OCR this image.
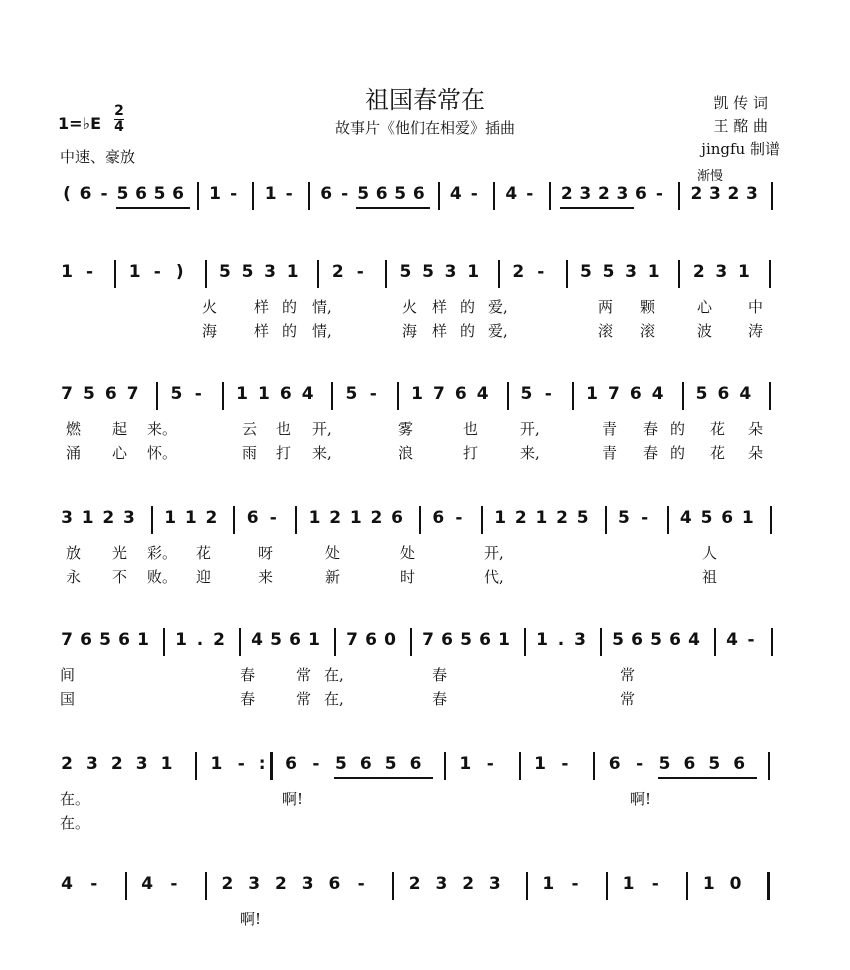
祖国春常在
故事片《他们在相爱》插曲
凯 传 词
王 酩 曲
jingfu 制谱
1=♭E
2
4
中速、豪放
渐慢
( 6 - 5 6 5 6 1 -	1 -	6 - 5 6 5 6 4 -	4 -	2 3 2 3 6 -	2 3 2 3
1 -	1 - )	5 5 3 1 2 -	5 5 3 1 2 -	5 5 3 1 2 3 1
7 5 6 7 5 -	1 1 6 4 5 -	1 7 6 4 5 -	1 7 6 4 5 6 4
3 1 2 3 1 1 2 6 -	1 2 1 2 6 6 -	1 2 1 2 5 5 -	4 5 6 1
7 6 5 6 1 1 . 2 4 5 6 1 7 6 0 7 6 5 6 1 1 . 3 5 6 5 6 4 4 -
2 3 2 3 1 1 - :	6 - 5 6 5 6 1 -	1 -	6 - 5 6 5 6
4	-	4	-	2 3 2 3 6	-	2 3 2 3 1	-	1	-	1 0
火 样 的 情,	火 样 的 爱,	两 颗	心 中
海 样 的 情,	海 样 的 爱,	滚 滚	波 涛
燃 起 来。	云 也 开,	雾	也	开,	青 春 的 花 朵
涌 心 怀。	雨 打 来,	浪	打	来,	青 春 的 花 朵
放 光 彩。 花	呀	处	处	开,	人
永 不 败。 迎	来	新	时	代,	祖
间	春	常 在,	春	常
国	春	常 在,	春	常
在。	啊!	啊!
在。
啊!
